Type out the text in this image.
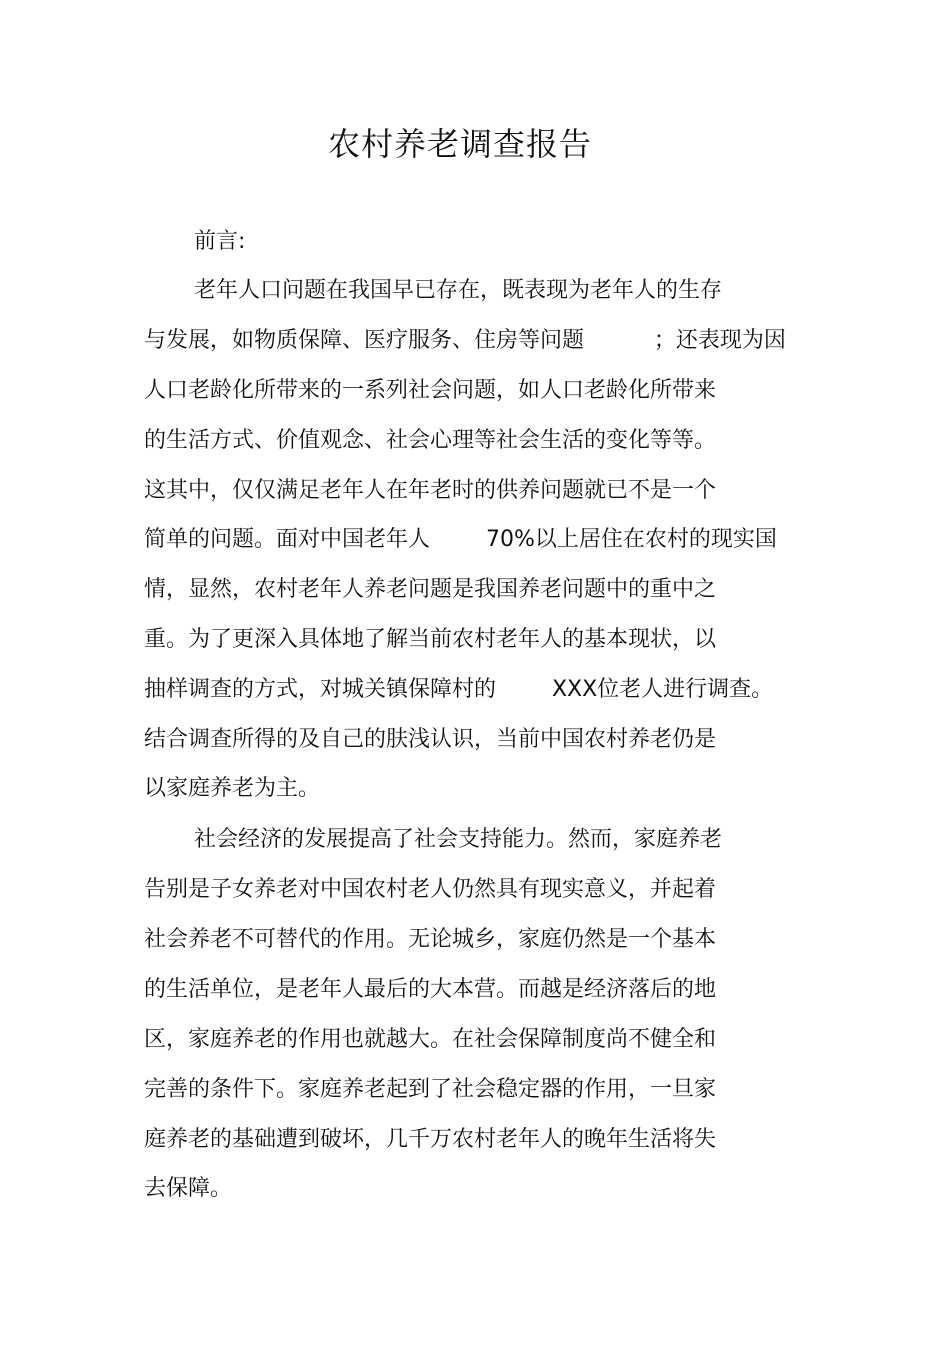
农村养老调查报告
前言:
老年人口问题在我国早已存在，既表现为老年人的生存
与发展，如物质保障、医疗服务、住房等问题          ；还表现为因
人口老龄化所带来的一系列社会问题，如人口老龄化所带来
的生活方式、价值观念、社会心理等社会生活的变化等等。
这其中，仅仅满足老年人在年老时的供养问题就已不是一个
简单的问题。面对中国老年人        70%以上居住在农村的现实国
情，显然，农村老年人养老问题是我国养老问题中的重中之
重。为了更深入具体地了解当前农村老年人的基本现状，以
抽样调查的方式，对城关镇保障村的        XXX位老人进行调查。
结合调查所得的及自己的肤浅认识，当前中国农村养老仍是
以家庭养老为主。
社会经济的发展提高了社会支持能力。然而，家庭养老
告别是子女养老对中国农村老人仍然具有现实意义，并起着
社会养老不可替代的作用。无论城乡，家庭仍然是一个基本
的生活单位，是老年人最后的大本营。而越是经济落后的地
区，家庭养老的作用也就越大。在社会保障制度尚不健全和
完善的条件下。家庭养老起到了社会稳定器的作用，一旦家
庭养老的基础遭到破坏，几千万农村老年人的晚年生活将失
去保障。
